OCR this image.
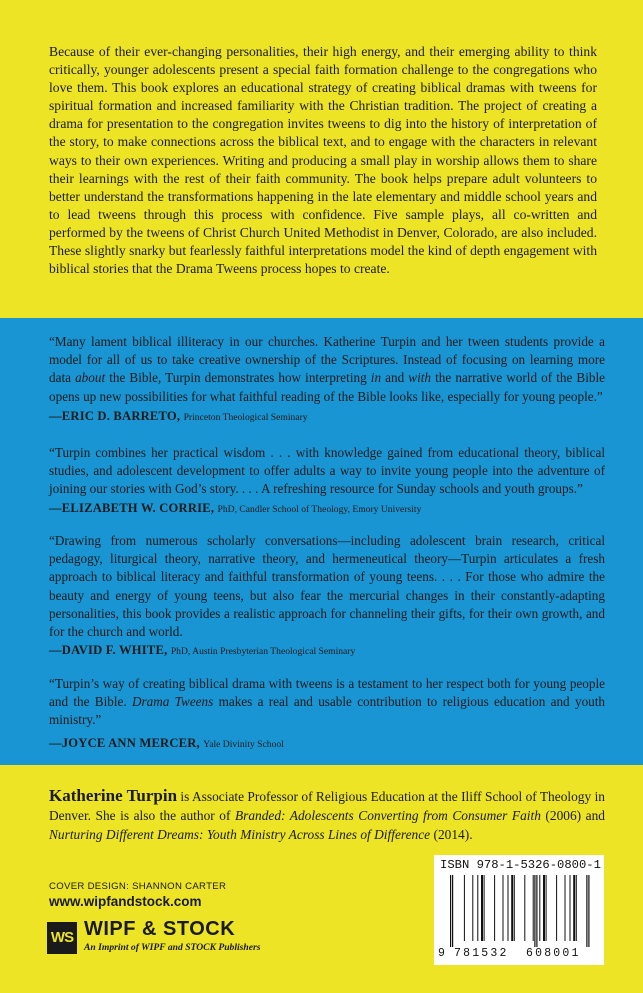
Because of their ever-changing personalities, their high energy, and their emerging ability to think critically, younger adolescents present a special faith formation challenge to the congregations who love them. This book explores an educational strategy of creating biblical dramas with tweens for spiritual formation and increased familiarity with the Christian tradition. The project of creating a drama for presentation to the congregation invites tweens to dig into the history of interpretation of the story, to make connections across the biblical text, and to engage with the characters in relevant ways to their own experiences. Writing and producing a small play in worship allows them to share their learnings with the rest of their faith community. The book helps prepare adult volunteers to better understand the transformations happening in the late elementary and middle school years and to lead tweens through this process with confidence. Five sample plays, all co-written and performed by the tweens of Christ Church United Methodist in Denver, Colorado, are also included. These slightly snarky but fearlessly faithful interpretations model the kind of depth engagement with biblical stories that the Drama Tweens process hopes to create.

“Many lament biblical illiteracy in our churches. Katherine Turpin and her tween students provide a model for all of us to take creative ownership of the Scriptures. Instead of focusing on learning more data about the Bible, Turpin demonstrates how interpreting in and with the narrative world of the Bible opens up new possibilities for what faithful reading of the Bible looks like, especially for young people.”

—ERIC D. BARRETO, Princeton Theological Seminary

“Turpin combines her practical wisdom . . . with knowledge gained from educational theory, biblical studies, and adolescent development to offer adults a way to invite young people into the adventure of joining our stories with God’s story. . . . A refreshing resource for Sunday schools and youth groups.”

—ELIZABETH W. CORRIE, PhD, Candler School of Theology, Emory University

“Drawing from numerous scholarly conversations—including adolescent brain research, critical pedagogy, liturgical theory, narrative theory, and hermeneutical theory—Turpin articulates a fresh approach to biblical literacy and faithful transformation of young teens. . . . For those who admire the beauty and energy of young teens, but also fear the mercurial changes in their constantly-adapting personalities, this book provides a realistic approach for channeling their gifts, for their own growth, and for the church and world.

—DAVID F. WHITE, PhD, Austin Presbyterian Theological Seminary

“Turpin’s way of creating biblical drama with tweens is a testament to her respect both for young people and the Bible. Drama Tweens makes a real and usable contribution to religious education and youth ministry.”

—JOYCE ANN MERCER, Yale Divinity School

Katherine Turpin is Associate Professor of Religious Education at the Iliff School of Theology in Denver. She is also the author of Branded: Adolescents Converting from Consumer Faith (2006) and Nurturing Different Dreams: Youth Ministry Across Lines of Difference (2014).

COVER DESIGN: SHANNON CARTER
www.wipfandstock.com
WS WIPF & STOCK
An Imprint of WIPF and STOCK Publishers
ISBN 978-1-5326-0800-1
9 781532 608001
